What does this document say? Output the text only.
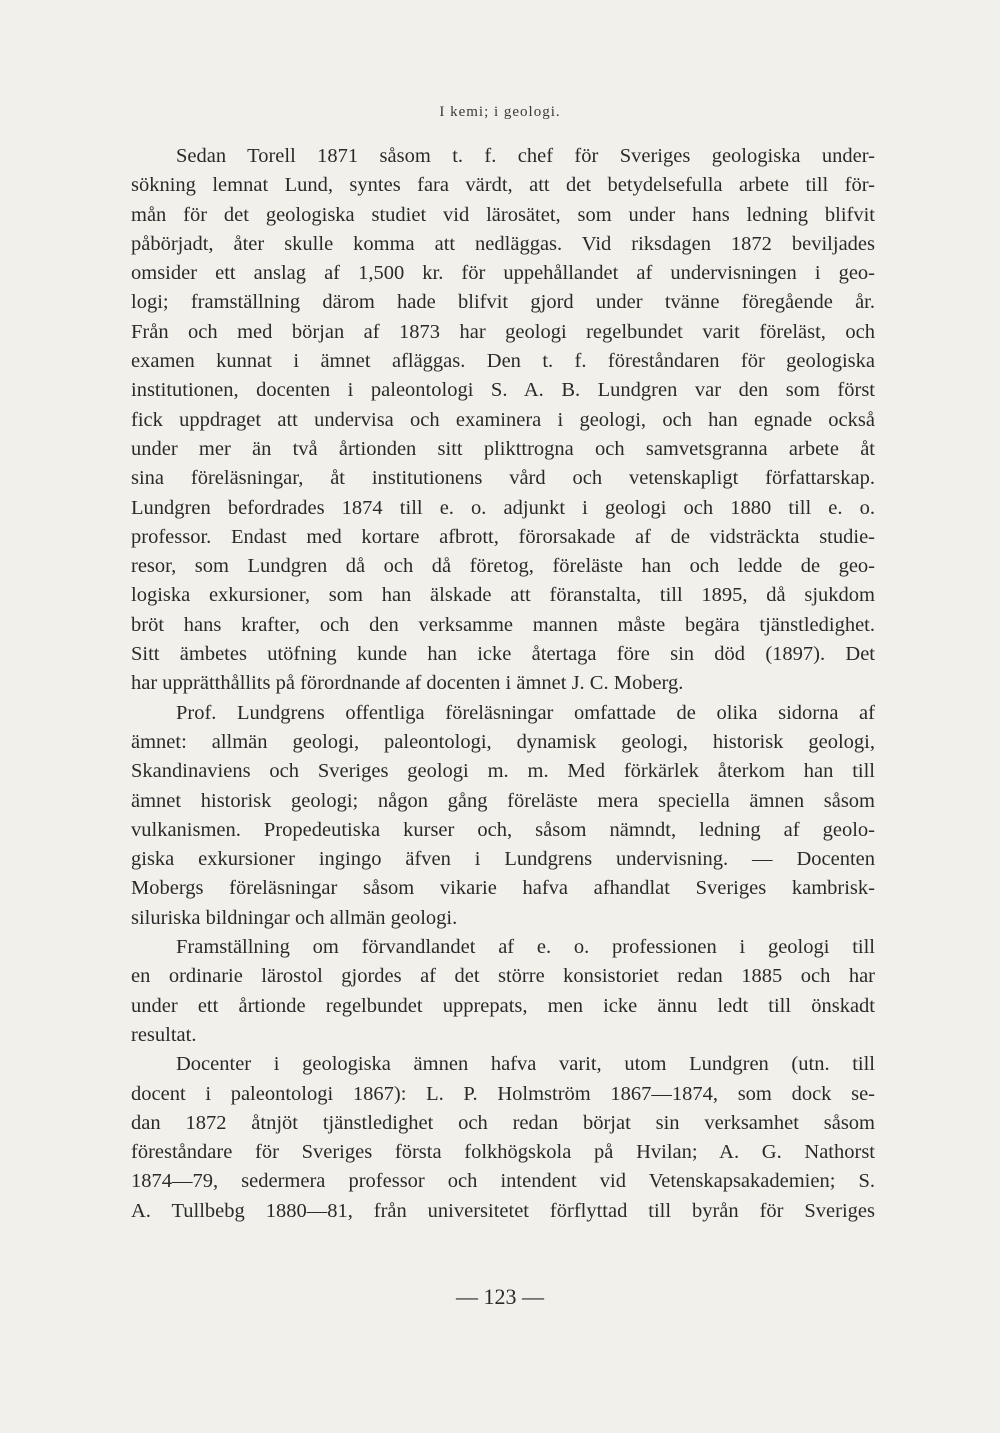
I kemi; i geologi.
Sedan Torell 1871 såsom t. f. chef för Sveriges geologiska under-
sökning lemnat Lund, syntes fara värdt, att det betydelsefulla arbete till för-
mån för det geologiska studiet vid lärosätet, som under hans ledning blifvit
påbörjadt, åter skulle komma att nedläggas. Vid riksdagen 1872 beviljades
omsider ett anslag af 1,500 kr. för uppehållandet af undervisningen i geo-
logi; framställning därom hade blifvit gjord under tvänne föregående år.
Från och med början af 1873 har geologi regelbundet varit föreläst, och
examen kunnat i ämnet afläggas. Den t. f. föreståndaren för geologiska
institutionen, docenten i paleontologi S. A. B. Lundgren var den som först
fick uppdraget att undervisa och examinera i geologi, och han egnade också
under mer än två årtionden sitt plikttrogna och samvetsgranna arbete åt
sina föreläsningar, åt institutionens vård och vetenskapligt författarskap.
Lundgren befordrades 1874 till e. o. adjunkt i geologi och 1880 till e. o.
professor. Endast med kortare afbrott, förorsakade af de vidsträckta studie-
resor, som Lundgren då och då företog, föreläste han och ledde de geo-
logiska exkursioner, som han älskade att föranstalta, till 1895, då sjukdom
bröt hans krafter, och den verksamme mannen måste begära tjänstledighet.
Sitt ämbetes utöfning kunde han icke återtaga före sin död (1897). Det
har upprätthållits på förordnande af docenten i ämnet J. C. Moberg.
Prof. Lundgrens offentliga föreläsningar omfattade de olika sidorna af
ämnet: allmän geologi, paleontologi, dynamisk geologi, historisk geologi,
Skandinaviens och Sveriges geologi m. m. Med förkärlek återkom han till
ämnet historisk geologi; någon gång föreläste mera speciella ämnen såsom
vulkanismen. Propedeutiska kurser och, såsom nämndt, ledning af geolo-
giska exkursioner ingingo äfven i Lundgrens undervisning. — Docenten
Mobergs föreläsningar såsom vikarie hafva afhandlat Sveriges kambrisk-
siluriska bildningar och allmän geologi.
Framställning om förvandlandet af e. o. professionen i geologi till
en ordinarie lärostol gjordes af det större konsistoriet redan 1885 och har
under ett årtionde regelbundet upprepats, men icke ännu ledt till önskadt
resultat.
Docenter i geologiska ämnen hafva varit, utom Lundgren (utn. till
docent i paleontologi 1867): L. P. Holmström 1867—1874, som dock se-
dan 1872 åtnjöt tjänstledighet och redan börjat sin verksamhet såsom
föreståndare för Sveriges första folkhögskola på Hvilan; A. G. Nathorst
1874—79, sedermera professor och intendent vid Vetenskapsakademien; S.
A. Tullbebg 1880—81, från universitetet förflyttad till byrån för Sveriges
— 123 —
